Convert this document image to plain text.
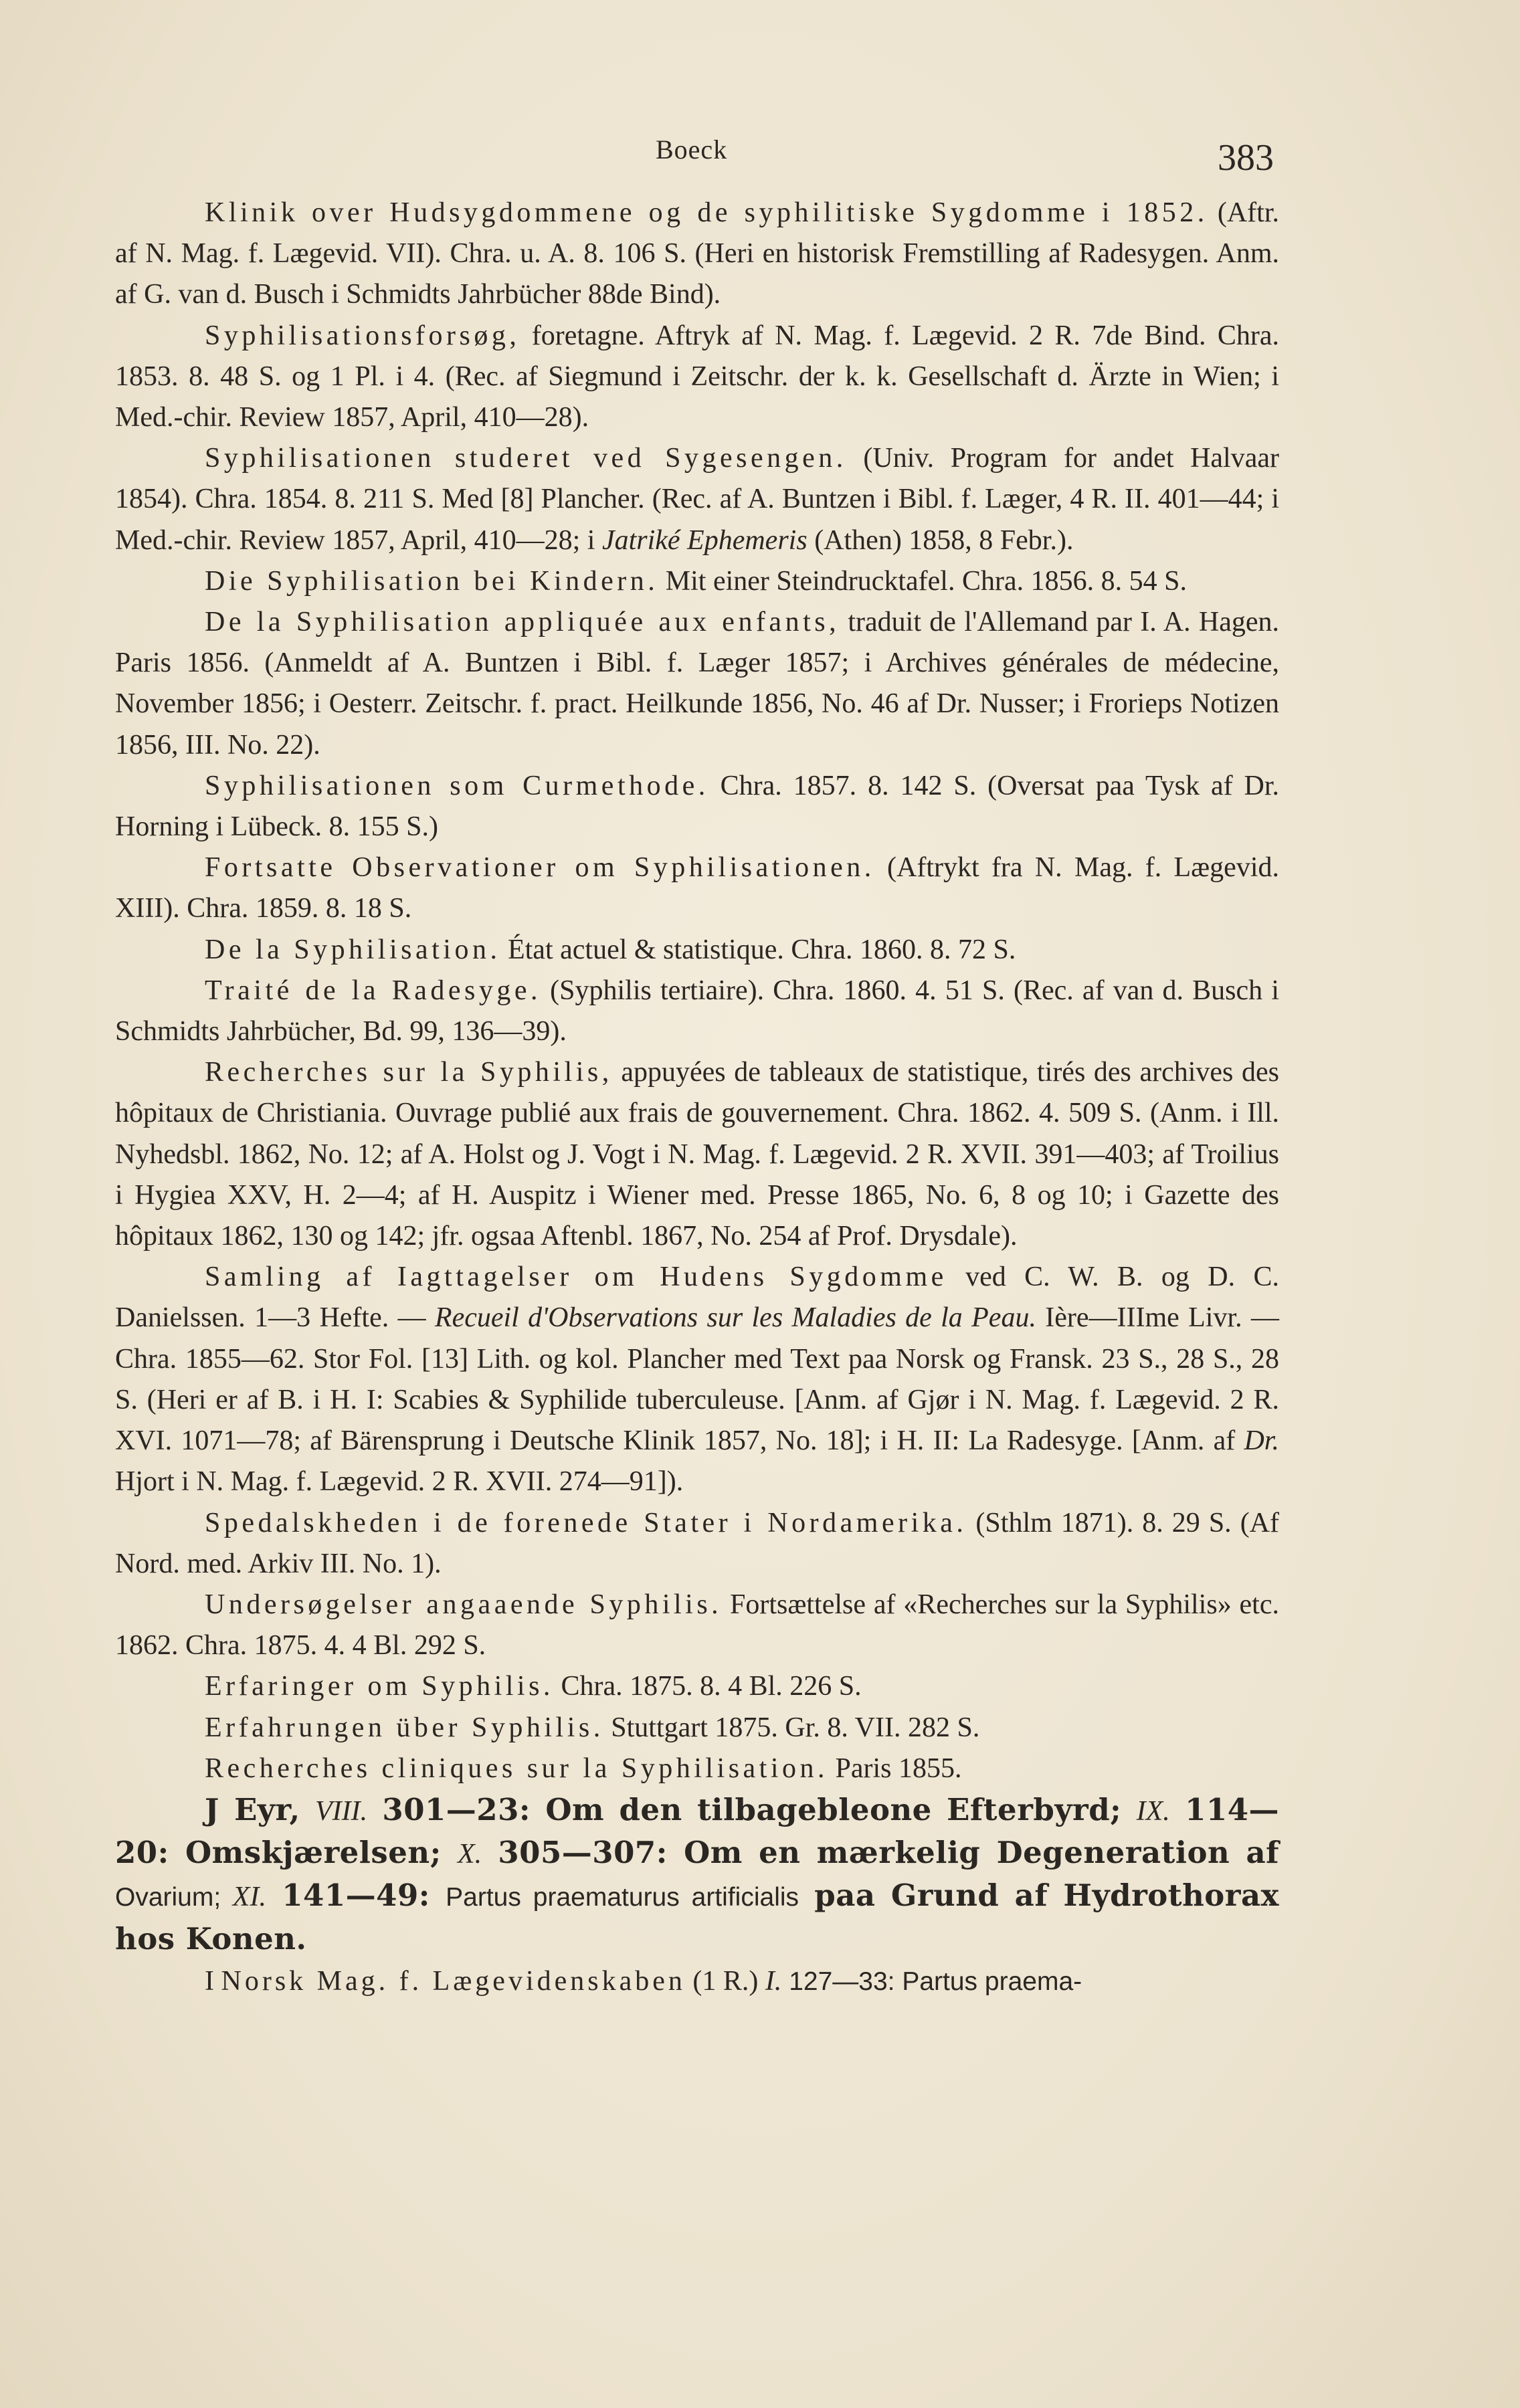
Boeck	383

Klinik over Hudsygdommene og de syphilitiske Sygdomme i 1852. (Aftr. af N. Mag. f. Lægevid. VII). Chra. u. A. 8. 106 S. (Heri en historisk Fremstilling af Radesygen. Anm. af G. van d. Busch i Schmidts Jahrbücher 88de Bind).

Syphilisationsforsøg, foretagne. Aftryk af N. Mag. f. Lægevid. 2 R. 7de Bind. Chra. 1853. 8. 48 S. og 1 Pl. i 4. (Rec. af Siegmund i Zeitschr. der k. k. Gesellschaft d. Ärzte in Wien; i Med.-chir. Review 1857, April, 410—28).

Syphilisationen studeret ved Sygesengen. (Univ. Program for andet Halvaar 1854). Chra. 1854. 8. 211 S. Med [8] Plancher. (Rec. af A. Buntzen i Bibl. f. Læger, 4 R. II. 401—44; i Med.-chir. Review 1857, April, 410—28; i Jatriké Ephemeris (Athen) 1858, 8 Febr.).

Die Syphilisation bei Kindern. Mit einer Steindrucktafel. Chra. 1856. 8. 54 S.

De la Syphilisation appliquée aux enfants, traduit de l'Allemand par I. A. Hagen. Paris 1856. (Anmeldt af A. Buntzen i Bibl. f. Læger 1857; i Archives générales de médecine, November 1856; i Oesterr. Zeitschr. f. pract. Heilkunde 1856, No. 46 af Dr. Nusser; i Frorieps Notizen 1856, III. No. 22).

Syphilisationen som Curmethode. Chra. 1857. 8. 142 S. (Oversat paa Tysk af Dr. Horning i Lübeck. 8. 155 S.)

Fortsatte Observationer om Syphilisationen. (Aftrykt fra N. Mag. f. Lægevid. XIII). Chra. 1859. 8. 18 S.

De la Syphilisation. État actuel & statistique. Chra. 1860. 8. 72 S.

Traité de la Radesyge. (Syphilis tertiaire). Chra. 1860. 4. 51 S. (Rec. af van d. Busch i Schmidts Jahrbücher, Bd. 99, 136—39).

Recherches sur la Syphilis, appuyées de tableaux de statistique, tirés des archives des hôpitaux de Christiania. Ouvrage publié aux frais de gouvernement. Chra. 1862. 4. 509 S. (Anm. i Ill. Nyhedsbl. 1862, No. 12; af A. Holst og J. Vogt i N. Mag. f. Lægevid. 2 R. XVII. 391—403; af Troilius i Hygiea XXV, H. 2—4; af H. Auspitz i Wiener med. Presse 1865, No. 6, 8 og 10; i Gazette des hôpitaux 1862, 130 og 142; jfr. ogsaa Aftenbl. 1867, No. 254 af Prof. Drysdale).

Samling af Iagttagelser om Hudens Sygdomme ved C. W. B. og D. C. Danielssen. 1—3 Hefte. — Recueil d'Observations sur les Maladies de la Peau. Ière—IIIme Livr. — Chra. 1855—62. Stor Fol. [13] Lith. og kol. Plancher med Text paa Norsk og Fransk. 23 S., 28 S., 28 S. (Heri er af B. i H. I: Scabies & Syphilide tuberculeuse. [Anm. af Gjør i N. Mag. f. Lægevid. 2 R. XVI. 1071—78; af Bärensprung i Deutsche Klinik 1857, No. 18]; i H. II: La Radesyge. [Anm. af Dr. Hjort i N. Mag. f. Lægevid. 2 R. XVII. 274—91]).

Spedalskheden i de forenede Stater i Nordamerika. (Sthlm 1871). 8. 29 S. (Af Nord. med. Arkiv III. No. 1).

Undersøgelser angaaende Syphilis. Fortsættelse af «Recherches sur la Syphilis» etc. 1862. Chra. 1875. 4. 4 Bl. 292 S.

Erfaringer om Syphilis. Chra. 1875. 8. 4 Bl. 226 S.

Erfahrungen über Syphilis. Stuttgart 1875. Gr. 8. VII. 282 S.

Recherches cliniques sur la Syphilisation. Paris 1855.

J Eyr, VIII. 301—23: Om den tilbagebleone Efterbyrd; IX. 114—20: Omskjærelsen; X. 305—307: Om en mærkelig Degeneration af Ovarium; XI. 141—49: Partus praematurus artificialis paa Grund af Hydrothorax hos Konen.

I Norsk Mag. f. Lægevidenskaben (1 R.) I. 127—33: Partus praema-
